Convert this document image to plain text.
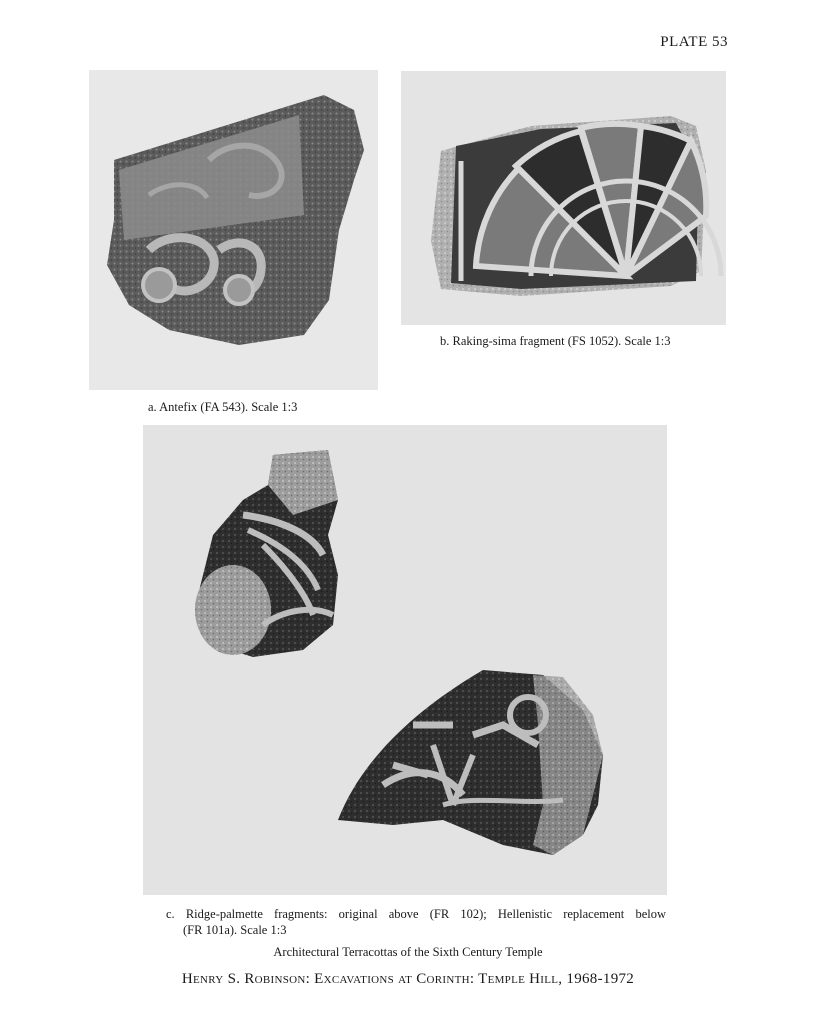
PLATE 53
a. Antefix (FA 543). Scale 1:3
b. Raking-sima fragment (FS 1052). Scale 1:3
c. Ridge-palmette fragments: original above (FR 102); Hellenistic replacement below
(FR 101a). Scale 1:3
Architectural Terracottas of the Sixth Century Temple
Henry S. Robinson: Excavations at Corinth: Temple Hill, 1968-1972
